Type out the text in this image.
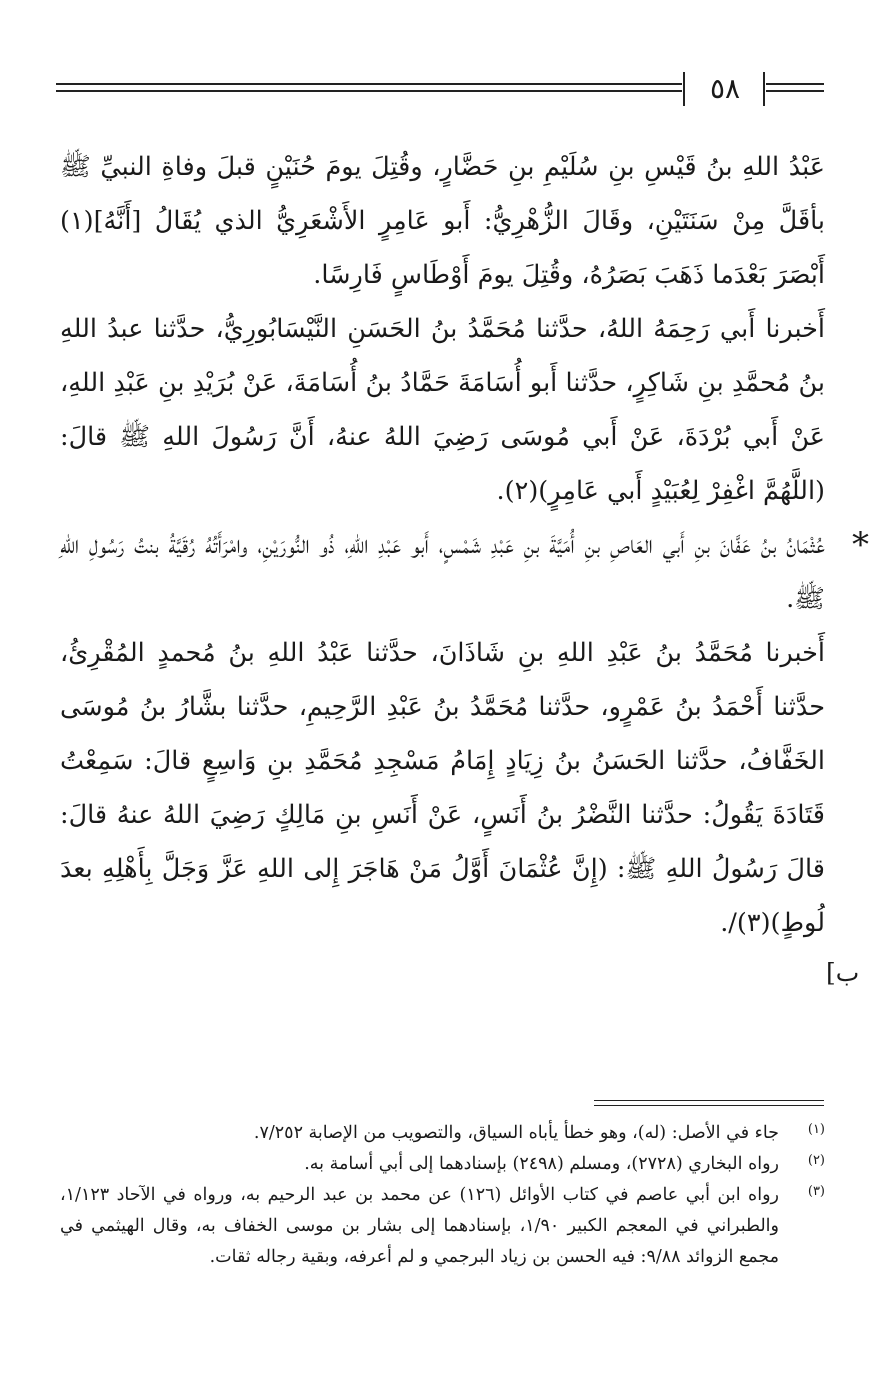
٥٨

عَبْدُ اللهِ بنُ قَيْسِ بنِ سُلَيْمِ بنِ حَضَّارٍ، وقُتِلَ يومَ حُنَيْنٍ قبلَ وفاةِ النبيِّ ﷺ بأقَلَّ مِنْ سَنَتَيْنِ، وقَالَ الزُّهْرِيُّ: أَبو عَامِرٍ الأَشْعَرِيُّ الذي يُقَالُ [أَنَّهُ](١) أَبْصَرَ بَعْدَما ذَهَبَ بَصَرُهُ، وقُتِلَ يومَ أَوْطَاسٍ فَارِسًا.

أَخبرنا أَبي رَحِمَهُ اللهُ، حدَّثنا مُحَمَّدُ بنُ الحَسَنِ النَّيْسَابُورِيُّ، حدَّثنا عبدُ اللهِ بنُ مُحمَّدِ بنِ شَاكِرٍ، حدَّثنا أَبو أُسَامَةَ حَمَّادُ بنُ أُسَامَةَ، عَنْ بُرَيْدِ بنِ عَبْدِ اللهِ، عَنْ أَبي بُرْدَةَ، عَنْ أَبي مُوسَى رَضِيَ اللهُ عنهُ، أَنَّ رَسُولَ اللهِ ﷺ قالَ: (اللَّهُمَّ اغْفِرْ لِعُبَيْدٍ أَبي عَامِرٍ)(٢).

*

عُثْمَانُ بنُ عَفَّانَ بنِ أَبي العَاصِ بنِ أُمَيَّةَ بنِ عَبْدِ شَمْسٍ، أَبو عَبْدِ اللهِ، ذُو النُّورَيْنِ، وامْرَأَتُهُ رُقَيَّةُ بنتُ رَسُولِ اللهِ ﷺ.

أَخبرنا مُحَمَّدُ بنُ عَبْدِ اللهِ بنِ شَاذَانَ، حدَّثنا عَبْدُ اللهِ بنُ مُحمدٍ المُقْرِئُ، حدَّثنا أَحْمَدُ بنُ عَمْرٍو، حدَّثنا مُحَمَّدُ بنُ عَبْدِ الرَّحِيمِ، حدَّثنا بشَّارُ بنُ مُوسَى الخَفَّافُ، حدَّثنا الحَسَنُ بنُ زِيَادٍ إِمَامُ مَسْجِدِ مُحَمَّدِ بنِ وَاسِعٍ قالَ: سَمِعْتُ قَتَادَةَ يَقُولُ: حدَّثنا النَّضْرُ بنُ أَنَسٍ، عَنْ أَنَسِ بنِ مَالِكٍ رَضِيَ اللهُ عنهُ قالَ: قالَ رَسُولُ اللهِ ﷺ: (إِنَّ عُثْمَانَ أَوَّلُ مَنْ هَاجَرَ إِلى اللهِ عَزَّ وَجَلَّ بِأَهْلِهِ بعدَ لُوطٍ)(٣)/.

ب]

(١)
جاء في الأصل: (له)، وهو خطأ يأباه السياق، والتصويب من الإصابة ٧/٢٥٢.

(٢)
رواه البخاري (٢٧٢٨)، ومسلم (٢٤٩٨) بإسنادهما إلى أبي أسامة به.

(٣)
رواه ابن أبي عاصم في كتاب الأوائل (١٢٦) عن محمد بن عبد الرحيم به، ورواه في الآحاد ١/١٢٣، والطبراني في المعجم الكبير ١/٩٠، بإسنادهما إلى بشار بن موسى الخفاف به، وقال الهيثمي في مجمع الزوائد ٩/٨٨: فيه الحسن بن زياد البرجمي و لم أعرفه، وبقية رجاله ثقات.
